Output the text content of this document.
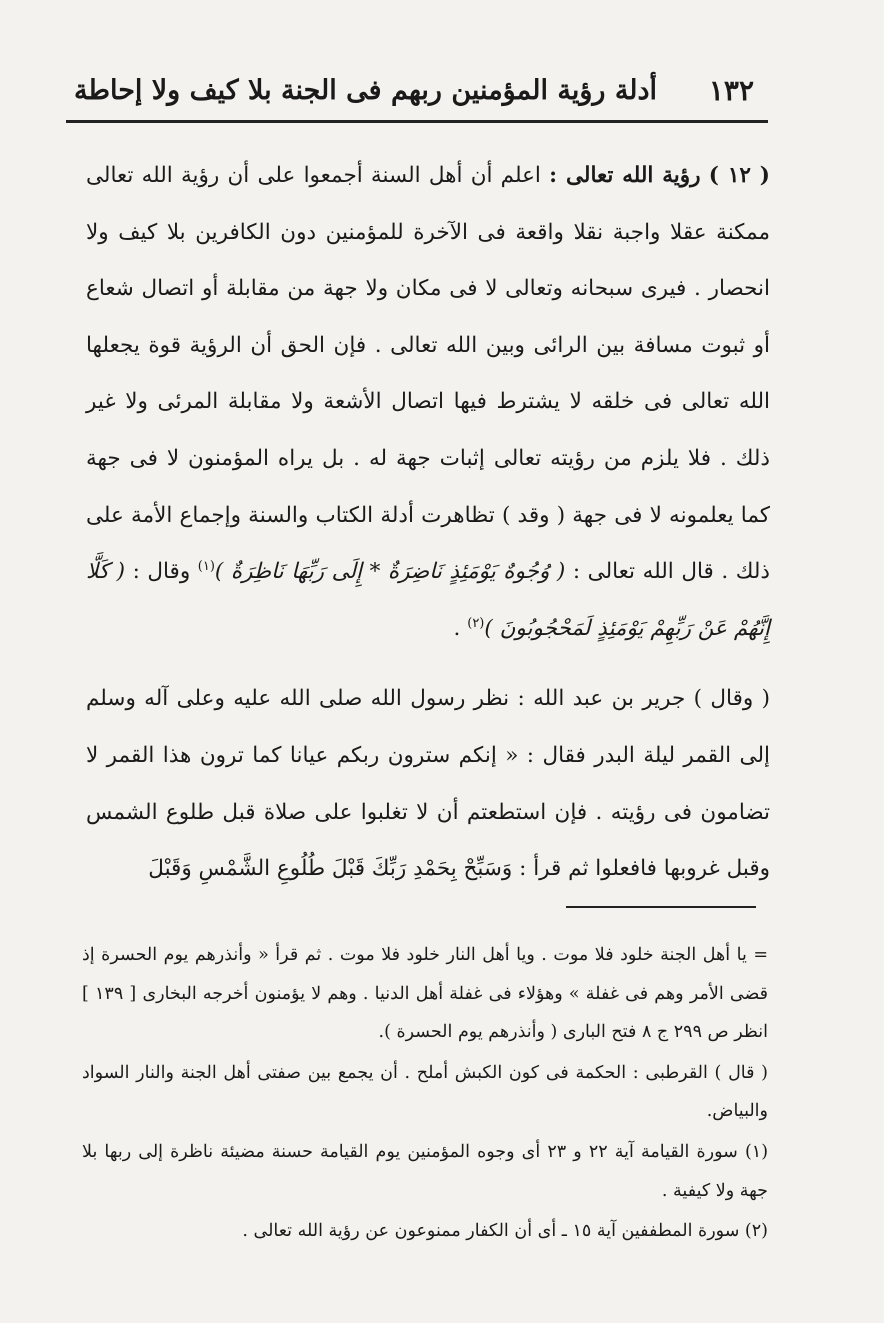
١٣٢
أدلة رؤية المؤمنين ربهم فى الجنة بلا كيف ولا إحاطة

( ١٢ ) رؤية الله تعالى : اعلم أن أهل السنة أجمعوا على أن رؤية الله تعالى ممكنة عقلا واجبة نقلا واقعة فى الآخرة للمؤمنين دون الكافرين بلا كيف ولا انحصار . فيرى سبحانه وتعالى لا فى مكان ولا جهة من مقابلة أو اتصال شعاع أو ثبوت مسافة بين الرائى وبين الله تعالى . فإن الحق أن الرؤية قوة يجعلها الله تعالى فى خلقه لا يشترط فيها اتصال الأشعة ولا مقابلة المرئى ولا غير ذلك . فلا يلزم من رؤيته تعالى إثبات جهة له . بل يراه المؤمنون لا فى جهة كما يعلمونه لا فى جهة ( وقد ) تظاهرت أدلة الكتاب والسنة وإجماع الأمة على ذلك . قال الله تعالى : ( وُجُوهٌ يَوْمَئِذٍ نَاضِرَةٌ * إِلَى رَبِّهَا نَاظِرَةٌ )$^{(١)}$ وقال : ( كَلَّا إِنَّهُمْ عَنْ رَبِّهِمْ يَوْمَئِذٍ لَمَحْجُوبُونَ )$^{(٢)}$ .

( وقال ) جرير بن عبد الله : نظر رسول الله صلى الله عليه وعلى آله وسلم إلى القمر ليلة البدر فقال : « إنكم سترون ربكم عيانا كما ترون هذا القمر لا تضامون فى رؤيته . فإن استطعتم أن لا تغلبوا على صلاة قبل طلوع الشمس وقبل غروبها فافعلوا ثم قرأ : وَسَبِّحْ بِحَمْدِ رَبِّكَ قَبْلَ طُلُوعِ الشَّمْسِ وَقَبْلَ

= يا أهل الجنة خلود فلا موت . ويا أهل النار خلود فلا موت . ثم قرأ « وأنذرهم يوم الحسرة إذ قضى الأمر وهم فى غفلة » وهؤلاء فى غفلة أهل الدنيا . وهم لا يؤمنون أخرجه البخارى [ ١٣٩ ] انظر ص ٢٩٩ ج ٨ فتح البارى ( وأنذرهم يوم الحسرة ).

( قال ) القرطبى : الحكمة فى كون الكبش أملح . أن يجمع بين صفتى أهل الجنة والنار السواد والبياض.

(١) سورة القيامة آية ٢٢ و ٢٣ أى وجوه المؤمنين يوم القيامة حسنة مضيئة ناظرة إلى ربها بلا جهة ولا كيفية .

(٢) سورة المطففين آية ١٥ ـ أى أن الكفار ممنوعون عن رؤية الله تعالى .
